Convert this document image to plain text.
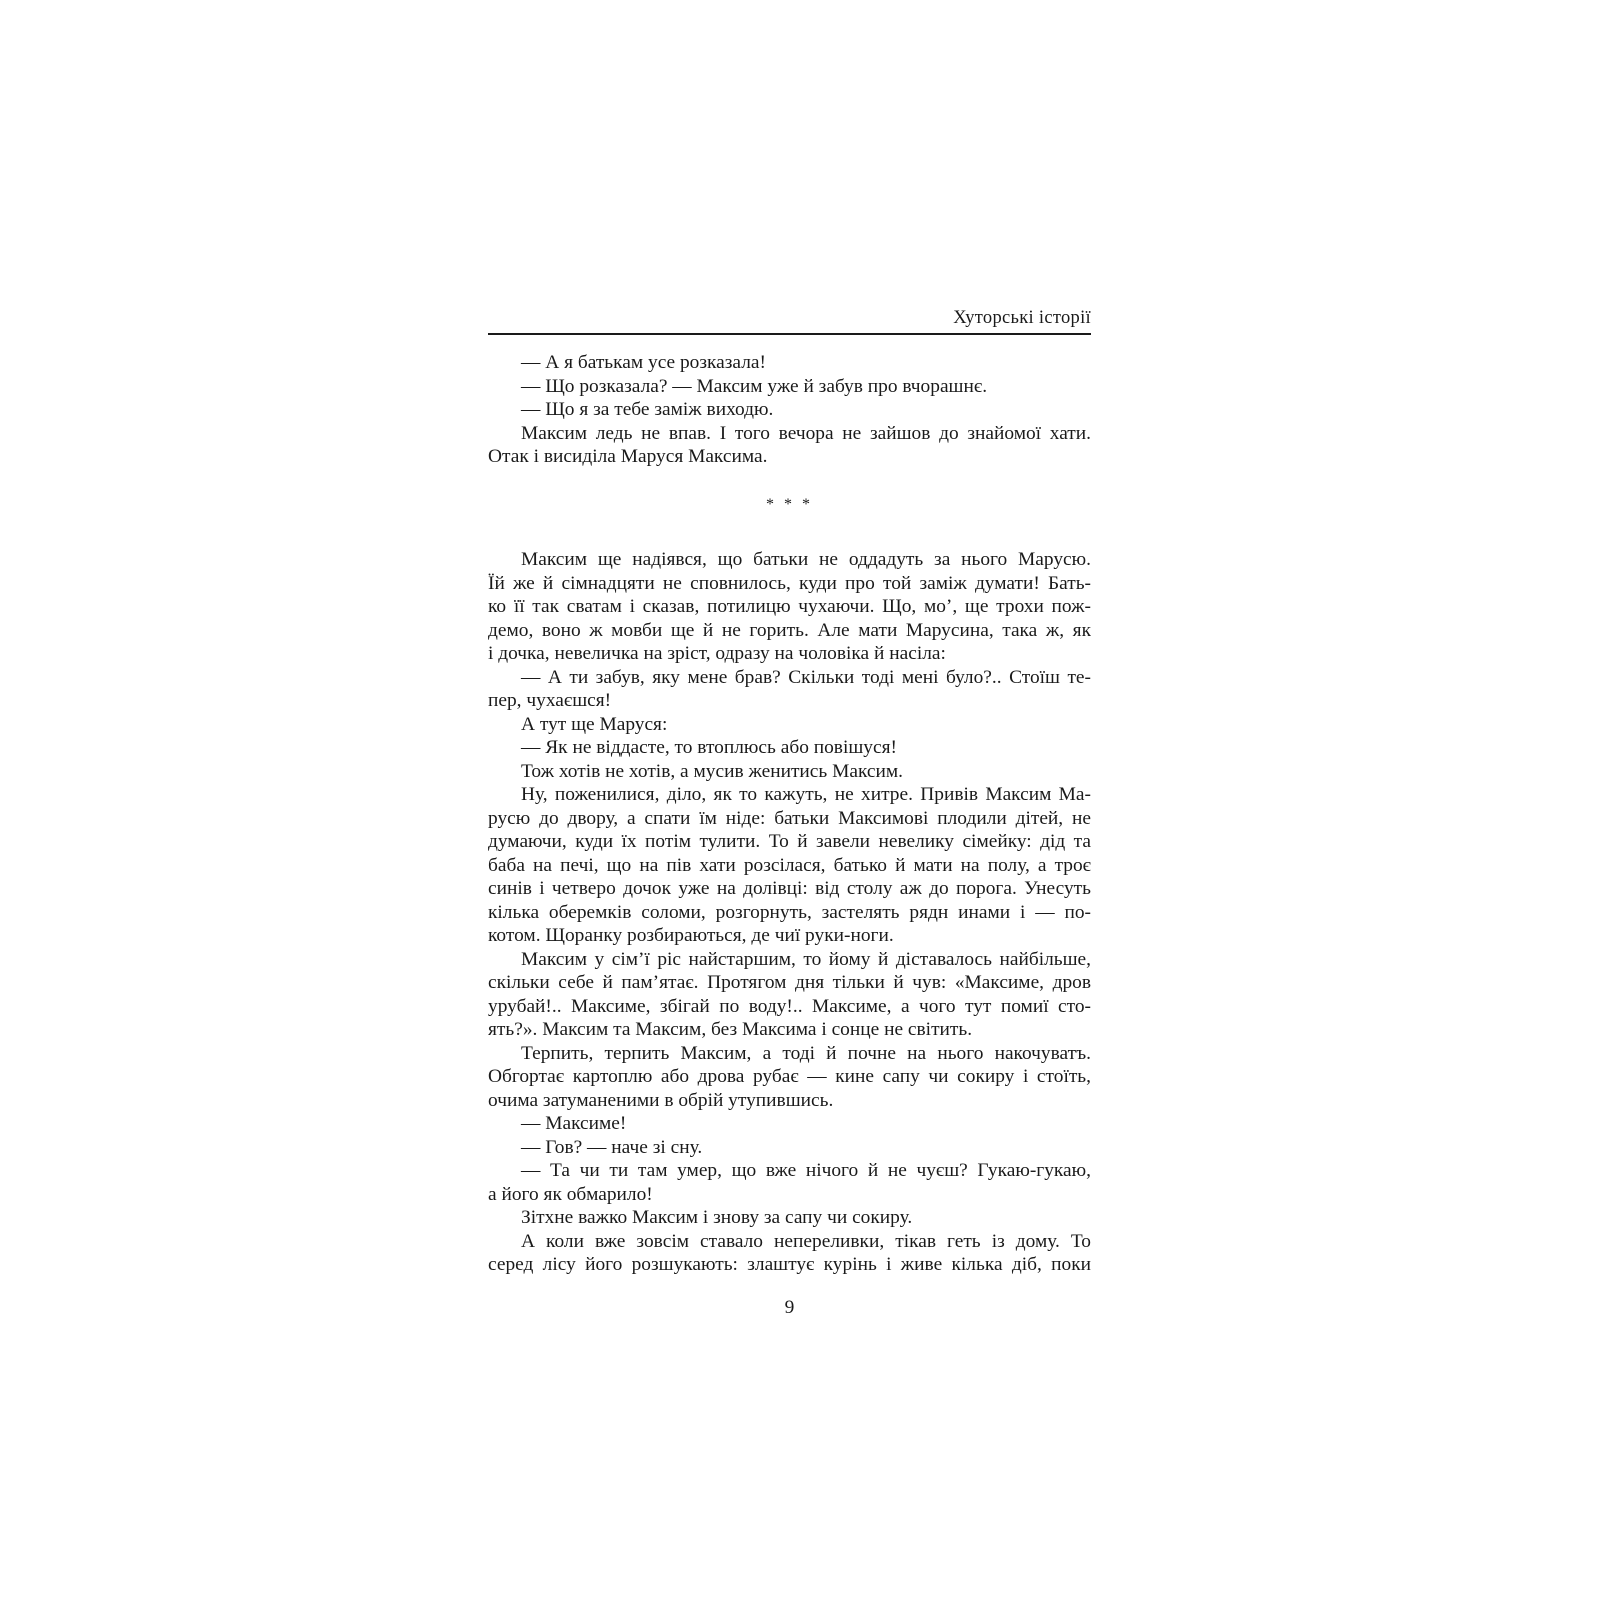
Хуторські історії
— А я батькам усе розказала!
— Що розказала? — Максим уже й забув про вчорашнє.
— Що я за тебе заміж виходю.
Максим ледь не впав. І того вечора не зайшов до знайомої хати.
Отак і висиділа Маруся Максима.
* * *
Максим ще надіявся, що батьки не оддадуть за нього Марусю.
Їй же й сімнадцяти не сповнилось, куди про той заміж думати! Бать-
ко її так сватам і сказав, потилицю чухаючи. Що, мо’, ще трохи пож-
демо, воно ж мовби ще й не горить. Але мати Марусина, така ж, як
і дочка, невеличка на зріст, одразу на чоловіка й насіла:
— А ти забув, яку мене брав? Скільки тоді мені було?.. Стоїш те-
пер, чухаєшся!
А тут ще Маруся:
— Як не віддасте, то втоплюсь або повішуся!
Тож хотів не хотів, а мусив женитись Максим.
Ну, поженилися, діло, як то кажуть, не хитре. Привів Максим Ма-
русю до двору, а спати їм ніде: батьки Максимові плодили дітей, не
думаючи, куди їх потім тулити. То й завели невелику сімейку: дід та
баба на печі, що на пів хати розсілася, батько й мати на полу, а троє
синів і четверо дочок уже на долівці: від столу аж до порога. Унесуть
кілька оберемків соломи, розгорнуть, застелять рядн инами і — по-
котом. Щоранку розбираються, де чиї руки-ноги.
Максим у сім’ї ріс найстаршим, то йому й діставалось найбільше,
скільки себе й пам’ятає. Протягом дня тільки й чув: «Максиме, дров
урубай!.. Максиме, збігай по воду!.. Максиме, а чого тут помиї сто-
ять?». Максим та Максим, без Максима і сонце не світить.
Терпить, терпить Максим, а тоді й почне на нього накочуватъ.
Обгортає картоплю або дрова рубає — кине сапу чи сокиру і стоїть,
очима затуманеними в обрій утупившись.
— Максиме!
— Гов? — наче зі сну.
— Та чи ти там умер, що вже нічого й не чуєш? Гукаю-гукаю,
а його як обмарило!
Зітхне важко Максим і знову за сапу чи сокиру.
А коли вже зовсім ставало непереливки, тікав геть із дому. То
серед лісу його розшукають: злаштує курінь і живе кілька діб, поки
9
